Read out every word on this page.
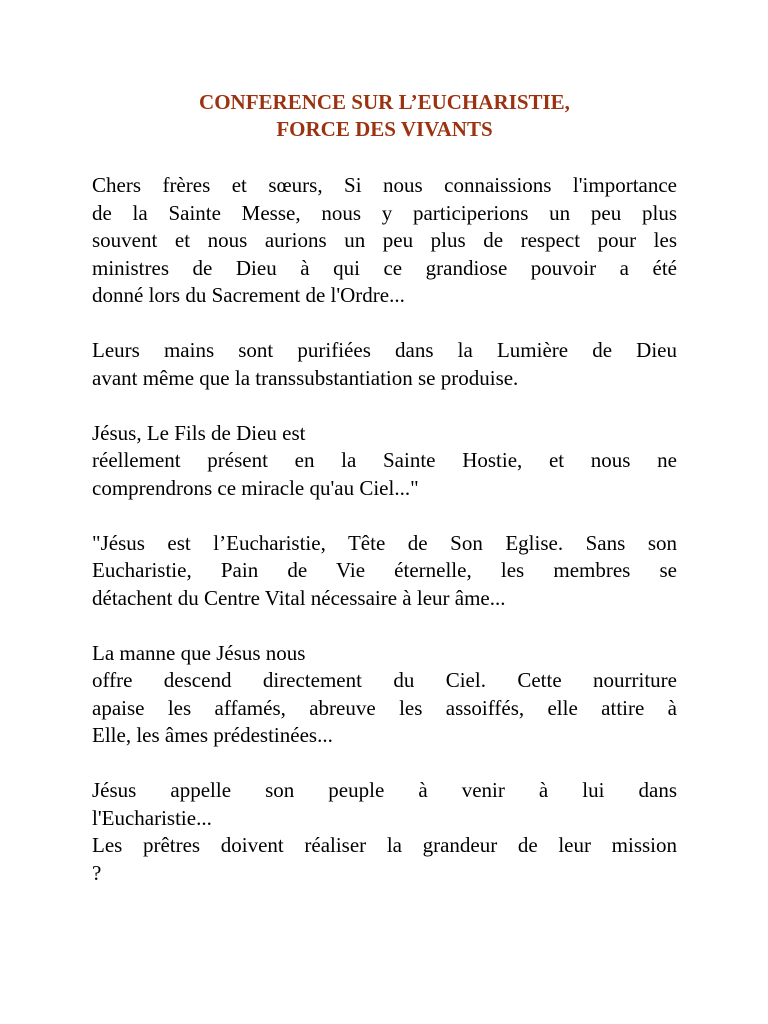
CONFERENCE SUR L’EUCHARISTIE,
FORCE DES VIVANTS
Chers frères et sœurs, Si nous connaissions l'importance
de la Sainte Messe, nous y participerions un peu plus
souvent et nous aurions un peu plus de respect pour les
ministres de Dieu à qui ce grandiose pouvoir a été
donné lors du Sacrement de l'Ordre...
Leurs mains sont purifiées dans la Lumière de Dieu
avant même que la transsubstantiation se produise.
Jésus, Le Fils de Dieu est
réellement présent en la Sainte Hostie, et nous ne
comprendrons ce miracle qu'au Ciel..."
"Jésus est l’Eucharistie, Tête de Son Eglise. Sans son
Eucharistie, Pain de Vie éternelle, les membres se
détachent du Centre Vital nécessaire à leur âme...
La manne que Jésus nous
offre descend directement du Ciel. Cette nourriture
apaise les affamés, abreuve les assoiffés, elle attire à
Elle, les âmes prédestinées...
Jésus appelle son peuple à venir à lui dans
l'Eucharistie...
Les prêtres doivent réaliser la grandeur de leur mission
?
